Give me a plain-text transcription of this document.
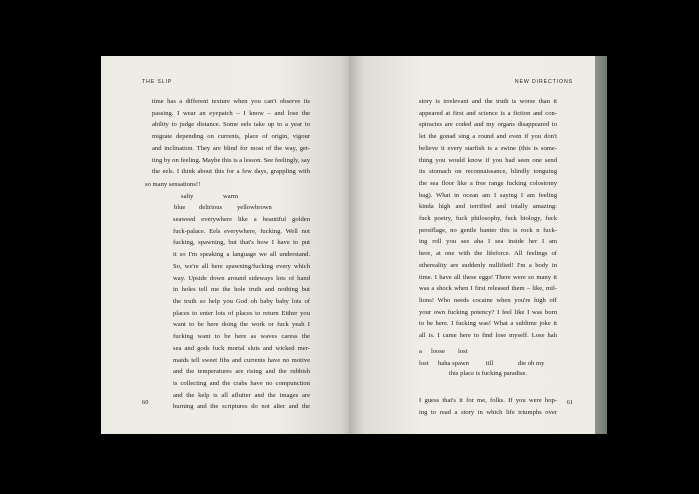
THE SLIP
time has a different texture when you can't observe its
passing. I wear an eyepatch – I know – and lose the
ability to judge distance. Some eels take up to a year to
migrate depending on currents, place of origin, vigour
and inclination. They are blind for most of the way, get-
ting by on feeling. Maybe this is a lesson. See feelingly, say
the eels. I think about this for a few days, grappling with
so many sensations!!
salty	warm
blue delirious yellowbrown
seaweed everywhere like a beautiful golden
fuck-palace. Eels everywhere, fucking. Well not
fucking, spawning, but that's how I have to put
it so I'm speaking a language we all understand.
So, we're all here spawning/fucking every which
way. Upside down around sideways lots of hand
in holes tell me the hole truth and nothing but
the truth so help you God oh baby baby lots of
places to enter lots of places to return Either you
want to be here doing the work or fuck yeah I
fucking want to be here as waves caress the
sea and gods fuck mortal sluts and wicked mer-
maids tell sweet fibs and currents have no motive
and the temperatures are rising and the rubbish
is collecting and the crabs have no compunction
and the kelp is all aflutter and the images are
burning and the scriptures do not alter and the
60
NEW DIRECTIONS
story is irrelevant and the truth is worse than it
appeared at first and science is a fiction and con-
spiracies are coded and my organs disappeared to
let the gonad sing a round and even if you don't
believe it every starfish is a swine (this is some-
thing you would know if you had seen one send
its stomach on reconnaissance, blindly tonguing
the sea floor like a free range fucking colostomy
bag). What in ocean am I saying I am feeling
kinda high and terrified and totally amazing:
fuck poetry, fuck philosophy, fuck biology, fuck
persiflage, no gentle banter this is rock n fuck-
ing roll you see aha I sea inside her I am
here, at one with the lifeforce. All feelings of
ethereality are suddenly nullified! I'm a body in
time. I have all these eggs! There were so many it
was a shock when I first released them – like, mil-
lions! Who needs cocaine when you're high off
your own fucking potency? I feel like I was born
to be here. I fucking was! What a sublime joke it
all is. I came here to find lose myself. Lose hah
a loose lost
lost haha spawn	till	die oh my
this place is fucking paradise.
I guess that's it for me, folks. If you were hop-
ing to read a story in which life triumphs over
61
